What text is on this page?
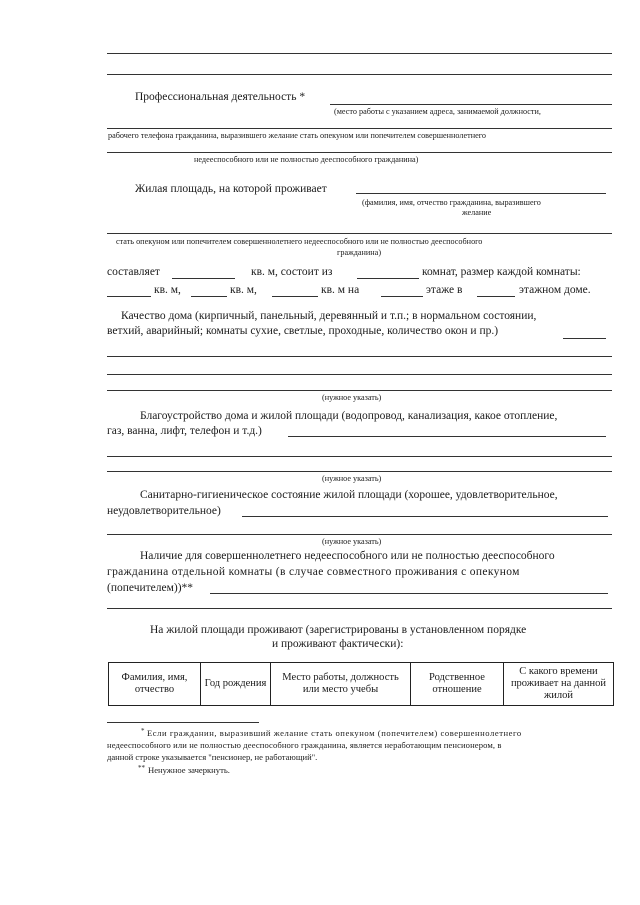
Профессиональная деятельность *
(место работы с указанием адреса, занимаемой должности,
рабочего телефона гражданина, выразившего желание стать опекуном или попечителем совершеннолетнего
недееспособного или не полностью дееспособного гражданина)
Жилая площадь, на которой проживает
(фамилия, имя, отчество гражданина, выразившего
желание
стать опекуном или попечителем совершеннолетнего недееспособного или не полностью дееспособного
гражданина)
составляет	кв. м, состоит из	комнат, размер каждой комнаты:
кв. м,	кв. м,	кв. м на	этаже в	этажном доме.
Качество дома (кирпичный, панельный, деревянный и т.п.; в нормальном состоянии,
ветхий, аварийный; комнаты сухие, светлые, проходные, количество окон и пр.)
(нужное указать)
Благоустройство дома и жилой площади (водопровод, канализация, какое отопление,
газ, ванна, лифт, телефон и т.д.)
(нужное указать)
Санитарно-гигиеническое состояние жилой площади (хорошее, удовлетворительное,
неудовлетворительное)
(нужное указать)
Наличие для совершеннолетнего недееспособного или не полностью дееспособного
гражданина отдельной комнаты (в случае совместного проживания с опекуном
(попечителем))**
На жилой площади проживают (зарегистрированы в установленном порядке
и проживают фактически):
Фамилия, имя, отчество	Год рождения	Место работы, должность или место учебы	Родственное отношение	С какого времени проживает на данной жилой
* Если гражданин, выразивший желание стать опекуном (попечителем) совершеннолетнего
недееспособного или не полностью дееспособного гражданина, является неработающим пенсионером, в
данной строке указывается "пенсионер, не работающий".
** Ненужное зачеркнуть.
